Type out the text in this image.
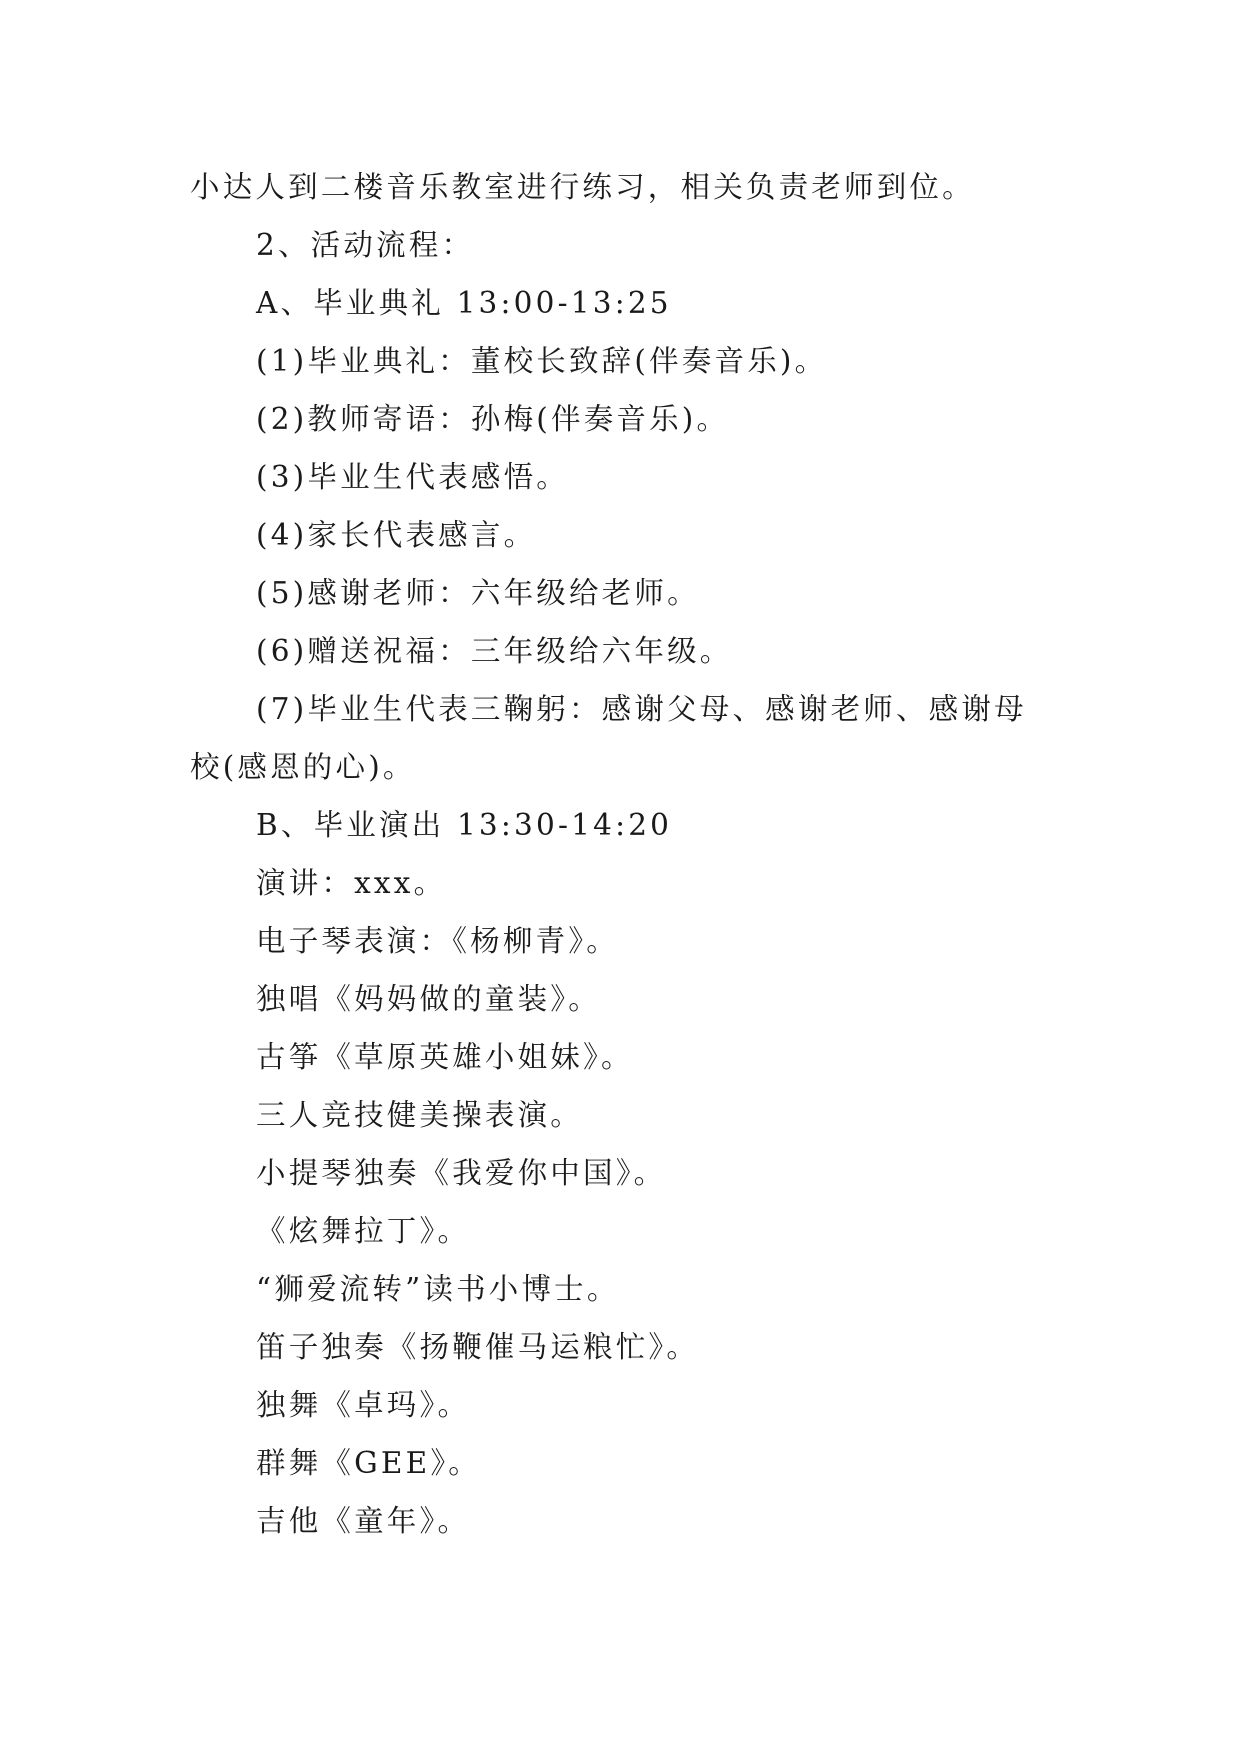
小达人到二楼音乐教室进行练习，相关负责老师到位。
2、活动流程：
A、毕业典礼 13:00-13:25
(1)毕业典礼：董校长致辞(伴奏音乐)。
(2)教师寄语：孙梅(伴奏音乐)。
(3)毕业生代表感悟。
(4)家长代表感言。
(5)感谢老师：六年级给老师。
(6)赠送祝福：三年级给六年级。
(7)毕业生代表三鞠躬：感谢父母、感谢老师、感谢母
校(感恩的心)。
B、毕业演出 13:30-14:20
演讲：xxx。
电子琴表演：《杨柳青》。
独唱《妈妈做的童装》。
古筝《草原英雄小姐妹》。
三人竞技健美操表演。
小提琴独奏《我爱你中国》。
《炫舞拉丁》。
“狮爱流转”读书小博士。
笛子独奏《扬鞭催马运粮忙》。
独舞《卓玛》。
群舞《GEE》。
吉他《童年》。
